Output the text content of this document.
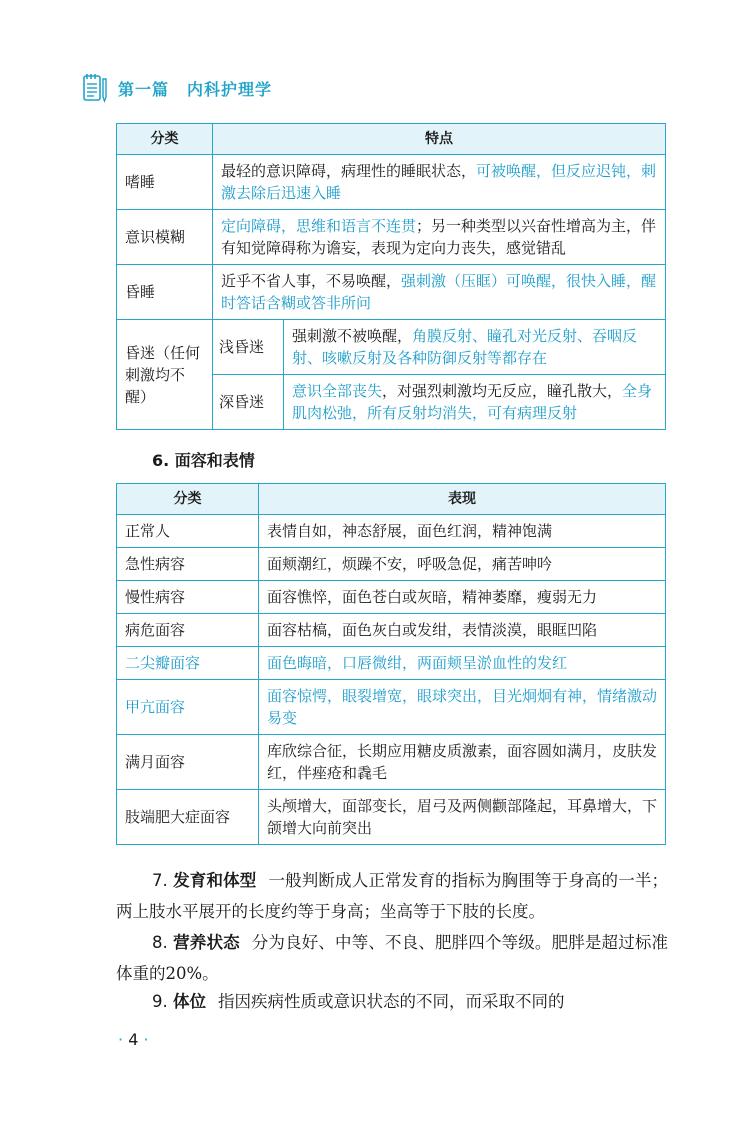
第一篇 内科护理学
分类	特点	
嗜睡	最轻的意识障碍，病理性的睡眠状态，可被唤醒，但反应迟钝，刺激去除后迅速入睡	
意识模糊	定向障碍，思维和语言不连贯；另一种类型以兴奋性增高为主，伴有知觉障碍称为谵妄，表现为定向力丧失，感觉错乱	
昏睡	近乎不省人事，不易唤醒，强刺激（压眶）可唤醒，很快入睡，醒时答话含糊或答非所问	
昏迷（任何刺激均不醒）	浅昏迷	强刺激不被唤醒，角膜反射、瞳孔对光反射、吞咽反射、咳嗽反射及各种防御反射等都存在
	深昏迷	意识全部丧失，对强烈刺激均无反应，瞳孔散大，全身肌肉松弛，所有反射均消失，可有病理反射
6. 面容和表情
分类	表现
正常人	表情自如，神态舒展，面色红润，精神饱满
急性病容	面颊潮红，烦躁不安，呼吸急促，痛苦呻吟
慢性病容	面容憔悴，面色苍白或灰暗，精神萎靡，瘦弱无力
病危面容	面容枯槁，面色灰白或发绀，表情淡漠，眼眶凹陷
二尖瓣面容	面色晦暗，口唇微绀，两面颊呈淤血性的发红
甲亢面容	面容惊愕，眼裂增宽，眼球突出，目光炯炯有神，情绪激动易变
满月面容	库欣综合征，长期应用糖皮质激素，面容圆如满月，皮肤发红，伴痤疮和毳毛
肢端肥大症面容	头颅增大，面部变长，眉弓及两侧颧部隆起，耳鼻增大，下颌增大向前突出
7. 发育和体型 一般判断成人正常发育的指标为胸围等于身高的一半；两上肢水平展开的长度约等于身高；坐高等于下肢的长度。
8. 营养状态 分为良好、中等、不良、肥胖四个等级。肥胖是超过标准体重的20%。
9. 体位 指因疾病性质或意识状态的不同，而采取不同的
· 4 ·
